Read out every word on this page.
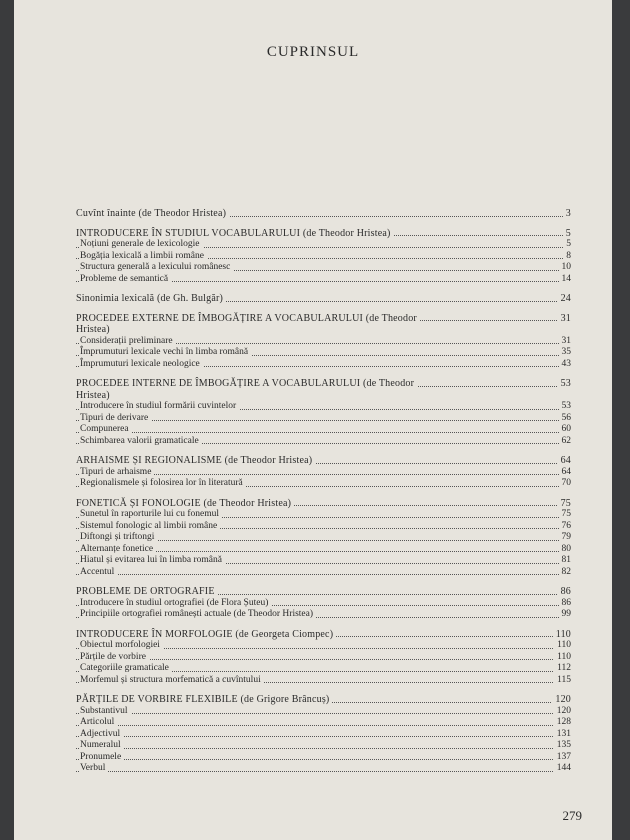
CUPRINSUL
Cuvînt înainte (de Theodor Hristea)	3
INTRODUCERE ÎN STUDIUL VOCABULARULUI (de Theodor Hristea)	5
Noțiuni generale de lexicologie	5
Bogăția lexicală a limbii române	8
Structura generală a lexicului românesc	10
Probleme de semantică	14
Sinonimia lexicală (de Gh. Bulgăr)	24
PROCEDEE EXTERNE DE ÎMBOGĂȚIRE A VOCABULARULUI (de Theodor	31
Hristea)
Considerații preliminare	31
Împrumuturi lexicale vechi în limba română	35
Împrumuturi lexicale neologice	43
PROCEDEE INTERNE DE ÎMBOGĂȚIRE A VOCABULARULUI (de Theodor	53
Hristea)
Introducere în studiul formării cuvintelor	53
Tipuri de derivare	56
Compunerea	60
Schimbarea valorii gramaticale	62
ARHAISME ȘI REGIONALISME (de Theodor Hristea)	64
Tipuri de arhaisme	64
Regionalismele și folosirea lor în literatură	70
FONETICĂ ȘI FONOLOGIE (de Theodor Hristea)	75
Sunetul în raporturile lui cu fonemul	75
Sistemul fonologic al limbii române	76
Diftongi și triftongi	79
Alternanțe fonetice	80
Hiatul și evitarea lui în limba română	81
Accentul	82
PROBLEME DE ORTOGRAFIE	86
Introducere în studiul ortografiei (de Flora Șuteu)	86
Principiile ortografiei românești actuale (de Theodor Hristea)	99
INTRODUCERE ÎN MORFOLOGIE (de Georgeta Ciompec)	110
Obiectul morfologiei	110
Părțile de vorbire	110
Categoriile gramaticale	112
Morfemul și structura morfematică a cuvîntului	115
PĂRȚILE DE VORBIRE FLEXIBILE (de Grigore Brâncuș)	120
Substantivul	120
Articolul	128
Adjectivul	131
Numeralul	135
Pronumele	137
Verbul	144
279
